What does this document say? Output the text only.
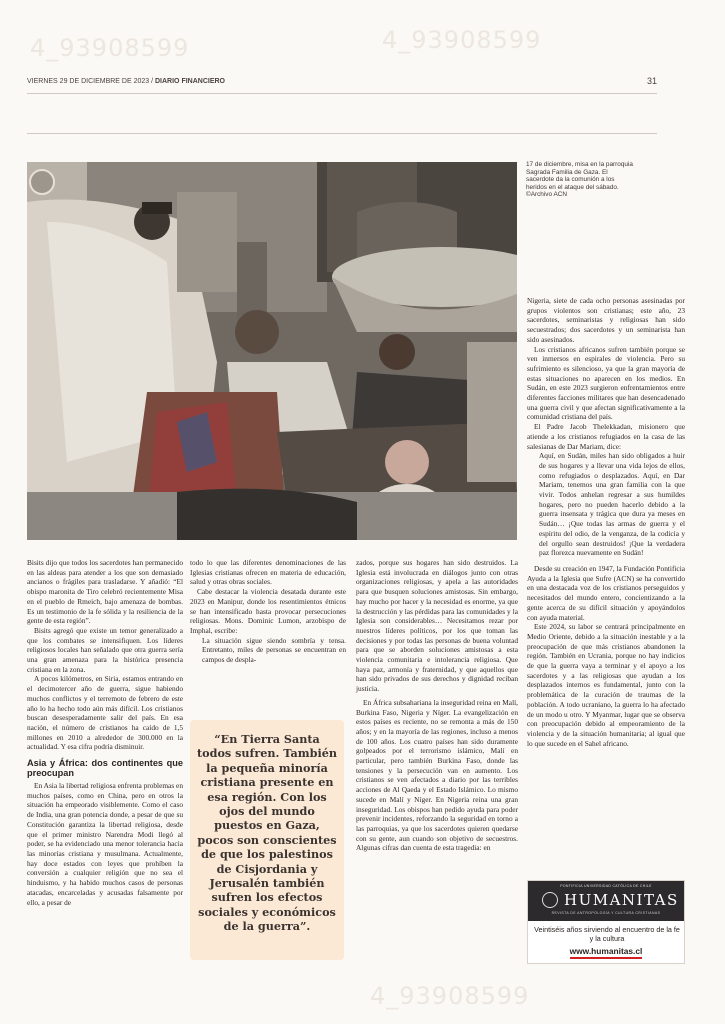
4_93908599	4_93908599
4_93908599
VIERNES 29 DE DICIEMBRE DE 2023 / DIARIO FINANCIERO	31
17 de diciembre, misa en la parroquia Sagrada Familia de Gaza. El sacerdote da la comunión a los heridos en el ataque del sábado. ©Archivo ACN

Bisits dijo que todos los sacerdotes han permanecido en las aldeas para atender a los que son demasiado ancianos o frágiles para trasladarse. Y añadió: “El obispo maronita de Tiro celebró recientemente Misa en el pueblo de Rmeich, bajo amenaza de bombas. Es un testimonio de la fe sólida y la resiliencia de la gente de esta región”.

Bisits agregó que existe un temor generalizado a que los combates se intensifiquen. Los líderes religiosos locales han señalado que otra guerra sería una gran amenaza para la histórica presencia cristiana en la zona.

A pocos kilómetros, en Siria, estamos entrando en el decimotercer año de guerra, sigue habiendo muchos conflictos y el terremoto de febrero de este año lo ha hecho todo aún más difícil. Los cristianos buscan desesperadamente salir del país. En esa nación, el número de cristianos ha caído de 1,5 millones en 2010 a alrededor de 300.000 en la actualidad. Y esa cifra podría disminuir.

Asia y África: dos continentes que preocupan

En Asia la libertad religiosa enfrenta problemas en muchos países, como en China, pero en otros la situación ha empeorado visiblemente. Como el caso de India, una gran potencia donde, a pesar de que su Constitución garantiza la libertad religiosa, desde que el primer ministro Narendra Modi llegó al poder, se ha evidenciado una menor tolerancia hacia las minorías cristiana y musulmana. Actualmente, hay doce estados con leyes que prohíben la conversión a cualquier religión que no sea el hinduismo, y ha habido muchos casos de personas atacadas, encarceladas y acusadas falsamente por ello, a pesar de

todo lo que las diferentes denominaciones de las Iglesias cristianas ofrecen en materia de educación, salud y otras obras sociales.

Cabe destacar la violencia desatada durante este 2023 en Manipur, donde los resentimientos étnicos se han intensificado hasta provocar persecuciones religiosas. Mons. Dominic Lumon, arzobispo de Imphal, escribe:

La situación sigue siendo sombría y tensa. Entretanto, miles de personas se encuentran en campos de despla-

“En Tierra Santa todos sufren. También la pequeña minoría cristiana presente en esa región. Con los ojos del mundo puestos en Gaza, pocos son conscientes de que los palestinos de Cisjordania y Jerusalén también sufren los efectos sociales y económicos de la guerra”.

zados, porque sus hogares han sido destruidos. La Iglesia está involucrada en diálogos junto con otras organizaciones religiosas, y apela a las autoridades para que busquen soluciones amistosas. Sin embargo, hay mucho por hacer y la necesidad es enorme, ya que la destrucción y las pérdidas para las comunidades y la Iglesia son considerables… Necesitamos rezar por nuestros líderes políticos, por los que toman las decisiones y por todas las personas de buena voluntad para que se aborden soluciones amistosas a esta violencia comunitaria e intolerancia religiosa. Que haya paz, armonía y fraternidad, y que aquellos que han sido privados de sus derechos y dignidad reciban justicia.

En África subsahariana la inseguridad reina en Malí, Burkina Faso, Nigeria y Níger. La evangelización en estos países es reciente, no se remonta a más de 150 años; y en la mayoría de las regiones, incluso a menos de 100 años. Los cuatro países han sido duramente golpeados por el terrorismo islámico, Malí en particular, pero también Burkina Faso, donde las tensiones y la persecución van en aumento. Los cristianos se ven afectados a diario por las terribles acciones de Al Qaeda y el Estado Islámico. Lo mismo sucede en Malí y Níger. En Nigeria reina una gran inseguridad. Los obispos han pedido ayuda para poder prevenir incidentes, reforzando la seguridad en torno a las parroquias, ya que los sacerdotes quieren quedarse con su gente, aun cuando son objetivo de secuestros. Algunas cifras dan cuenta de esta tragedia: en

Nigeria, siete de cada ocho personas asesinadas por grupos violentos son cristianas; este año, 23 sacerdotes, seminaristas y religiosas han sido secuestrados; dos sacerdotes y un seminarista han sido asesinados.

Los cristianos africanos sufren también porque se ven inmersos en espirales de violencia. Pero su sufrimiento es silencioso, ya que la gran mayoría de estas situaciones no aparecen en los medios. En Sudán, en este 2023 surgieron enfrentamientos entre diferentes facciones militares que han desencadenado una guerra civil y que afectan significativamente a la comunidad cristiana del país.

El Padre Jacob Thelekkadan, misionero que atiende a los cristianos refugiados en la casa de las salesianas de Dar Mariam, dice:

Aquí, en Sudán, miles han sido obligados a huir de sus hogares y a llevar una vida lejos de ellos, como refugiados o desplazados. Aquí, en Dar Mariam, tenemos una gran familia con la que vivir. Todos anhelan regresar a sus humildes hogares, pero no pueden hacerlo debido a la guerra insensata y trágica que dura ya meses en Sudán… ¡Que todas las armas de guerra y el espíritu del odio, de la venganza, de la codicia y del orgullo sean destruidos! ¡Que la verdadera paz florezca nuevamente en Sudán!

Desde su creación en 1947, la Fundación Pontificia Ayuda a la Iglesia que Sufre (ACN) se ha convertido en una destacada voz de los cristianos perseguidos y necesitados del mundo entero, concientizando a la gente acerca de su difícil situación y apoyándolos con ayuda material.

Este 2024, su labor se centrará principalmente en Medio Oriente, debido a la situación inestable y a la preocupación de que más cristianos abandonen la región. También en Ucrania, porque no hay indicios de que la guerra vaya a terminar y el apoyo a los sacerdotes y a las religiosas que ayudan a los desplazados internos es fundamental, junto con la problemática de la curación de traumas de la población. A todo ucraniano, la guerra lo ha afectado de un modo u otro. Y Myanmar, lugar que se observa con preocupación debido al empeoramiento de la violencia y de la situación humanitaria; al igual que lo que sucede en el Sahel africano.

PONTIFICIA UNIVERSIDAD CATÓLICA DE CHILE
HUMANITAS
REVISTA DE ANTROPOLOGÍA Y CULTURA CRISTIANAS
Veintiséis años sirviendo al encuentro de la fe y la cultura
www.humanitas.cl
